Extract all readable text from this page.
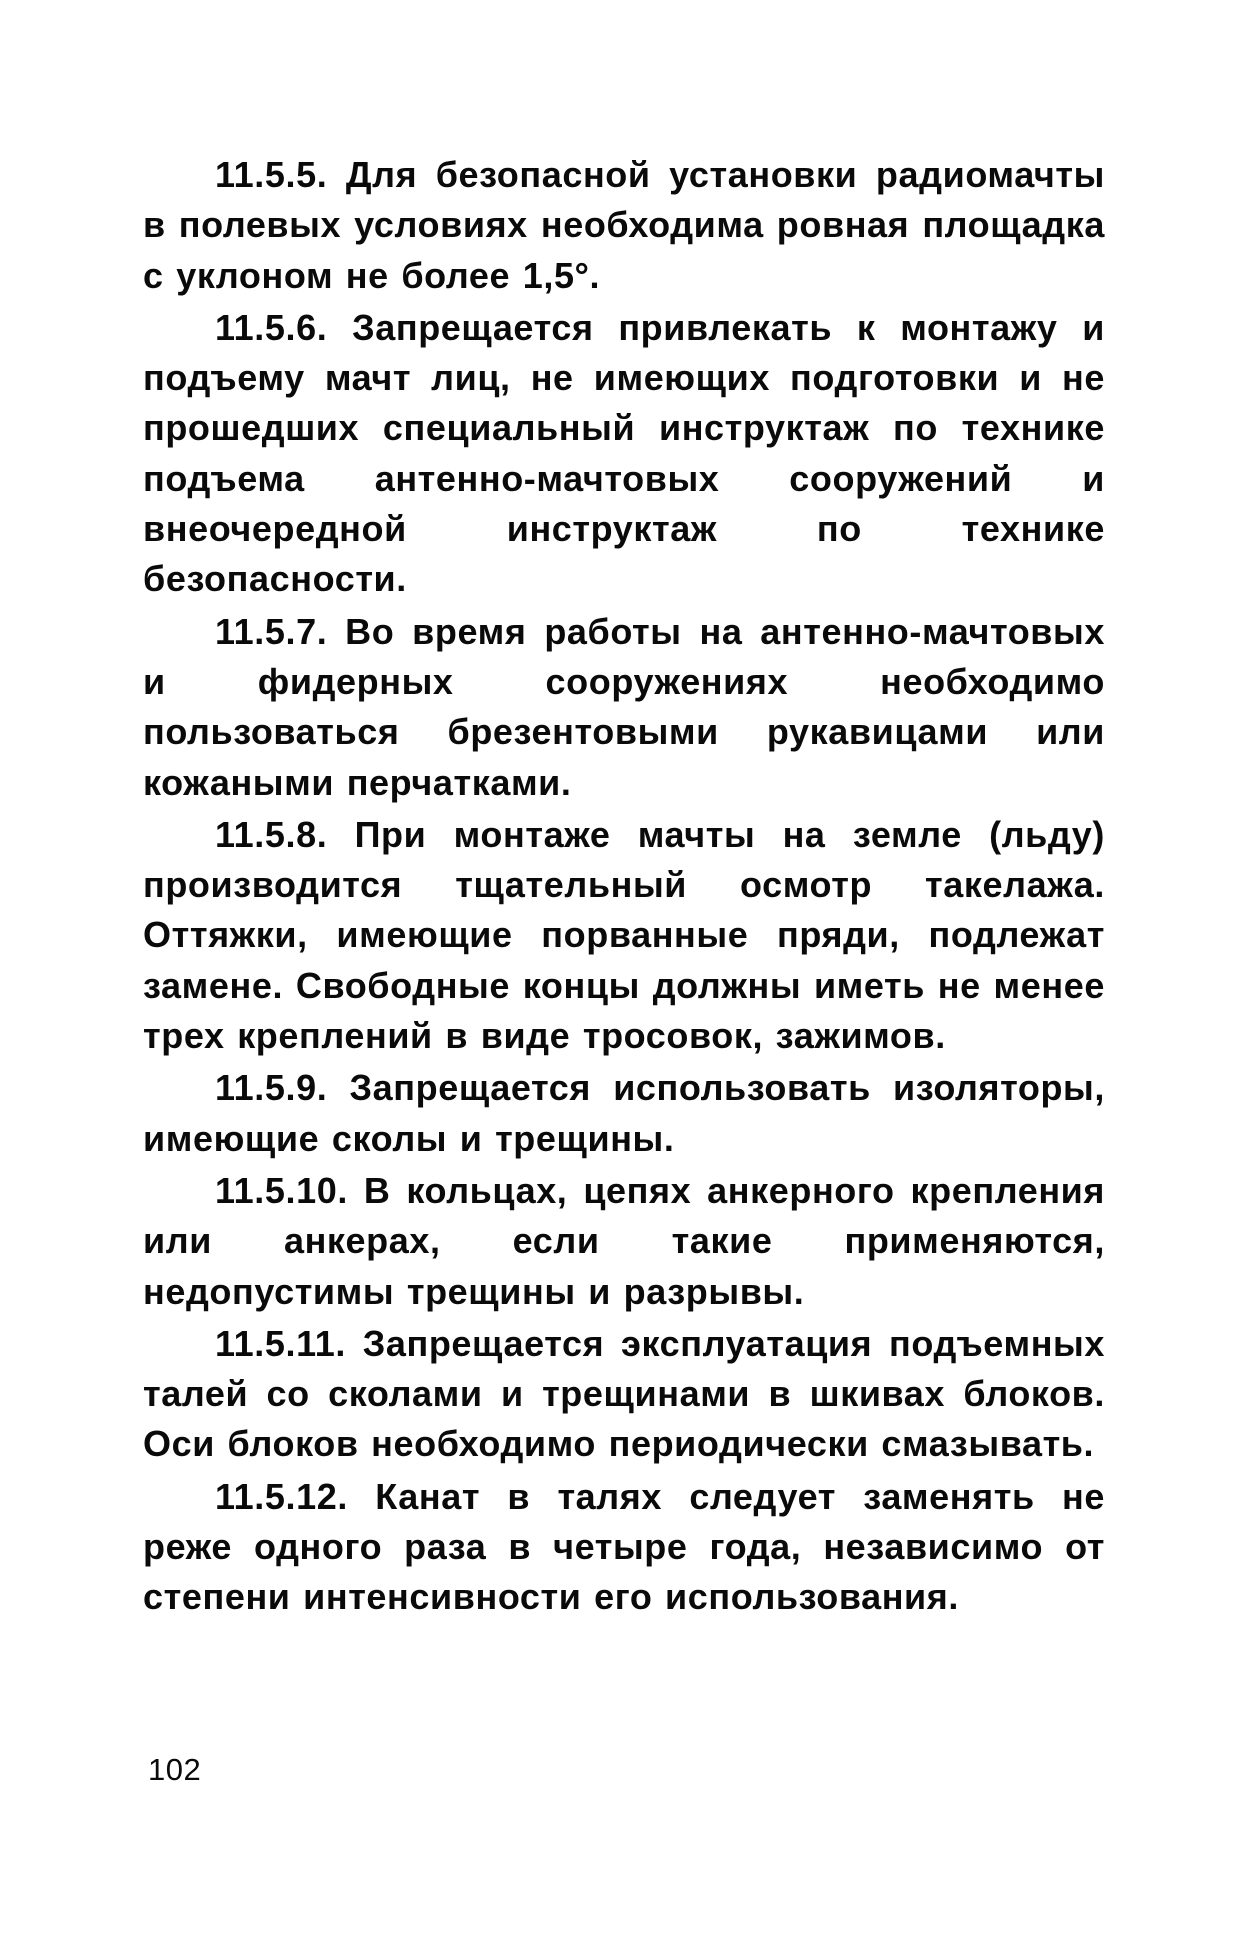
11.5.5. Для безопасной установки радиомачты в полевых условиях необходима ровная площадка с уклоном не более 1,5°.

11.5.6. Запрещается привлекать к монтажу и подъему мачт лиц, не имеющих подготовки и не прошедших специальный инструктаж по технике подъема антенно-мачтовых сооружений и внеочередной инструктаж по технике безопасности.

11.5.7. Во время работы на антенно-мачтовых и фидерных сооружениях необходимо пользоваться брезентовыми рукавицами или кожаными перчатками.

11.5.8. При монтаже мачты на земле (льду) производится тщательный осмотр такелажа. Оттяжки, имеющие порванные пряди, подлежат замене. Свободные концы должны иметь не менее трех креплений в виде тросовок, зажимов.

11.5.9. Запрещается использовать изоляторы, имеющие сколы и трещины.

11.5.10. В кольцах, цепях анкерного крепления или анкерах, если такие применяются, недопустимы трещины и разрывы.

11.5.11. Запрещается эксплуатация подъемных талей со сколами и трещинами в шкивах блоков. Оси блоков необходимо периодически смазывать.

11.5.12. Канат в талях следует заменять не реже одного раза в четыре года, независимо от степени интенсивности его использования.

102
